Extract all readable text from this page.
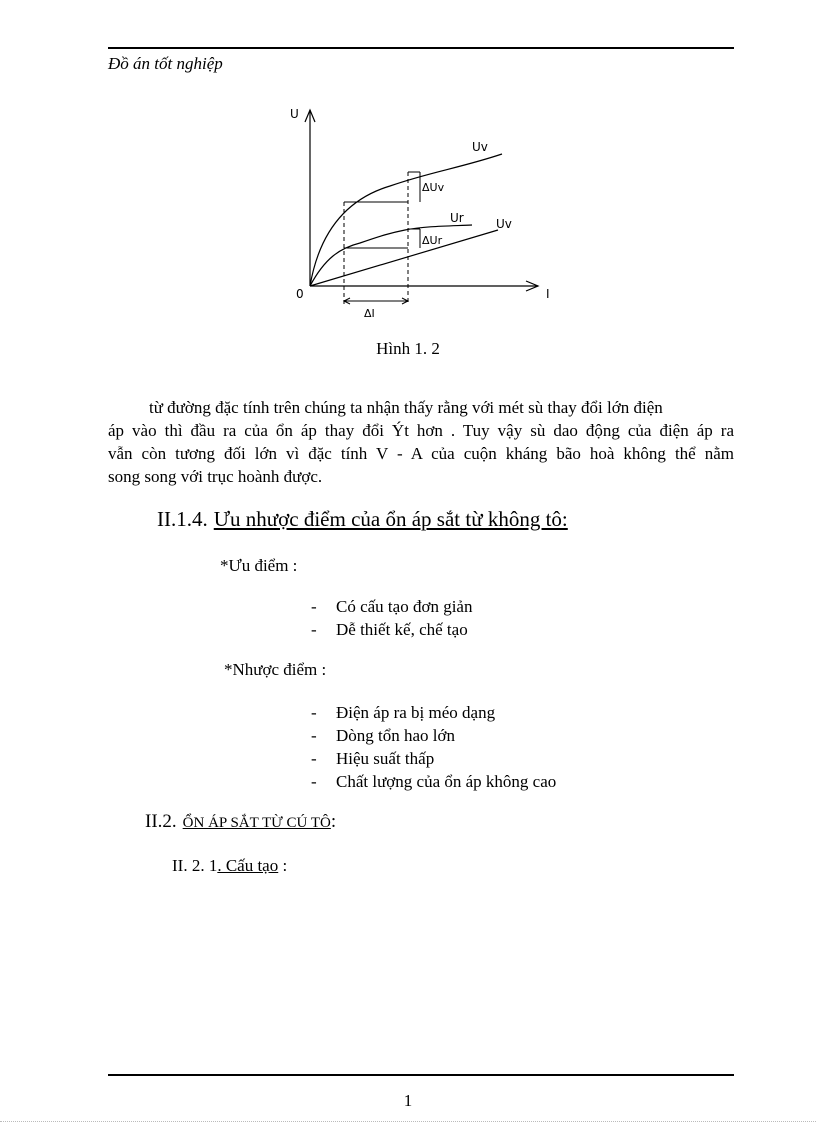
Đồ án tốt nghiệp
U
I
0
Uv
ΔUv
Ur
ΔUr
Uv
ΔI
Hình 1. 2

từ đường đặc tính trên chúng ta nhận thấy rằng với mét sù thay đổi lớn điện

áp vào thì đầu ra của ổn áp thay đổi Ýt hơn . Tuy vậy sù dao động của điện áp ra

vẫn còn tương đối lớn vì đặc tính V - A của cuộn kháng bão hoà không thể nằm

song song với trục hoành được.

II.1.4. Ưu nhược điểm của ổn áp sắt từ không tô:
*Ưu điểm :
- Có cấu tạo đơn giản
- Dễ thiết kế, chế tạo
*Nhược điểm :
- Điện áp ra bị méo dạng
- Dòng tổn hao lớn
- Hiệu suất thấp
- Chất lượng của ổn áp không cao
II.2. ỔN ÁP SẮT TỪ CÚ TÔ:
II. 2. 1. Cấu tạo :
1
